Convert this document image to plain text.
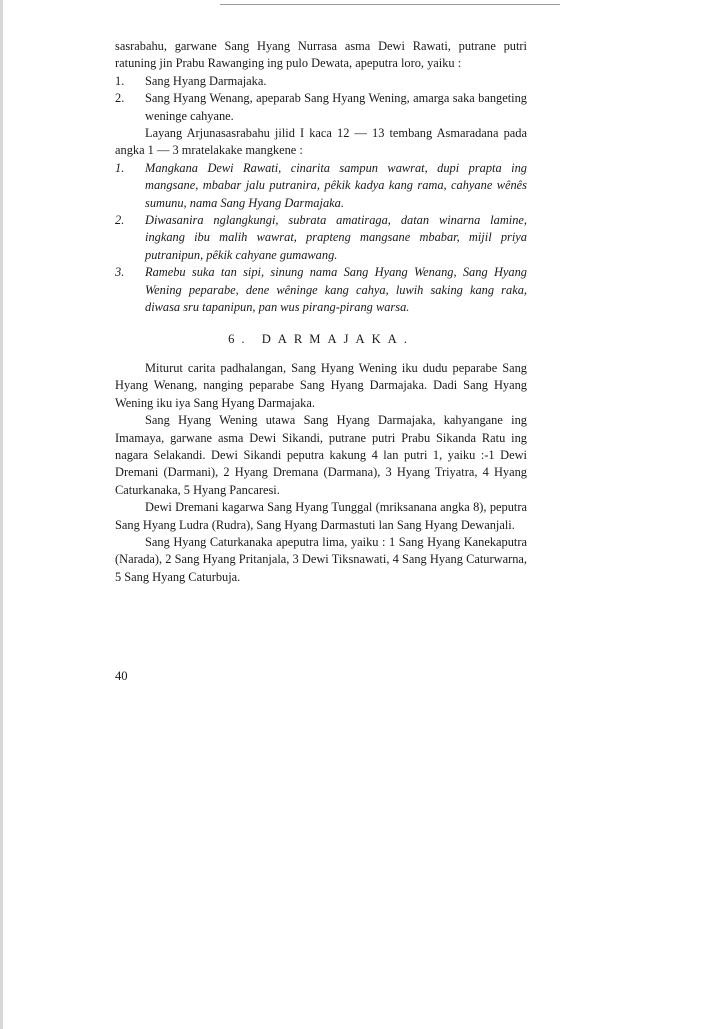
sasrabahu, garwane Sang Hyang Nurrasa asma Dewi Rawati, putrane putri ratuning jin Prabu Rawanging ing pulo Dewata, apeputra loro, yaiku :

1.	Sang Hyang Darmajaka.
2.	Sang Hyang Wenang, apeparab Sang Hyang Wening, amarga saka bangeting weninge cahyane.

Layang Arjunasasrabahu jilid I kaca 12 — 13 tembang Asmaradana pada angka 1 — 3 mratelakake mangkene :

1.	Mangkana Dewi Rawati, cinarita sampun wawrat, dupi prapta ing mangsane, mbabar jalu putranira, pêkik kadya kang rama, cahyane wênês sumunu, nama Sang Hyang Darmajaka.
2.	Diwasanira nglangkungi, subrata amatiraga, datan winarna lamine, ingkang ibu malih wawrat, prapteng mangsane mbabar, mijil priya putranipun, pêkik cahyane gumawang.
3.	Ramebu suka tan sipi, sinung nama Sang Hyang Wenang, Sang Hyang Wening peparabe, dene wêninge kang cahya, luwih saking kang raka, diwasa sru tapanipun, pan wus pirang-pirang warsa.
6. DARMAJAKA.

Miturut carita padhalangan, Sang Hyang Wening iku dudu peparabe Sang Hyang Wenang, nanging peparabe Sang Hyang Darmajaka. Dadi Sang Hyang Wening iku iya Sang Hyang Darmajaka.

Sang Hyang Wening utawa Sang Hyang Darmajaka, kahyangane ing Imamaya, garwane asma Dewi Sikandi, putrane putri Prabu Sikanda Ratu ing nagara Selakandi. Dewi Sikandi peputra kakung 4 lan putri 1, yaiku :-1 Dewi Dremani (Darmani), 2 Hyang Dremana (Darmana), 3 Hyang Triyatra, 4 Hyang Caturkanaka, 5 Hyang Pancaresi.

Dewi Dremani kagarwa Sang Hyang Tunggal (mriksanana angka 8), peputra Sang Hyang Ludra (Rudra), Sang Hyang Darmastuti lan Sang Hyang Dewanjali.

Sang Hyang Caturkanaka apeputra lima, yaiku : 1 Sang Hyang Kanekaputra (Narada), 2 Sang Hyang Pritanjala, 3 Dewi Tiksnawati, 4 Sang Hyang Caturwarna, 5 Sang Hyang Caturbuja.

40
